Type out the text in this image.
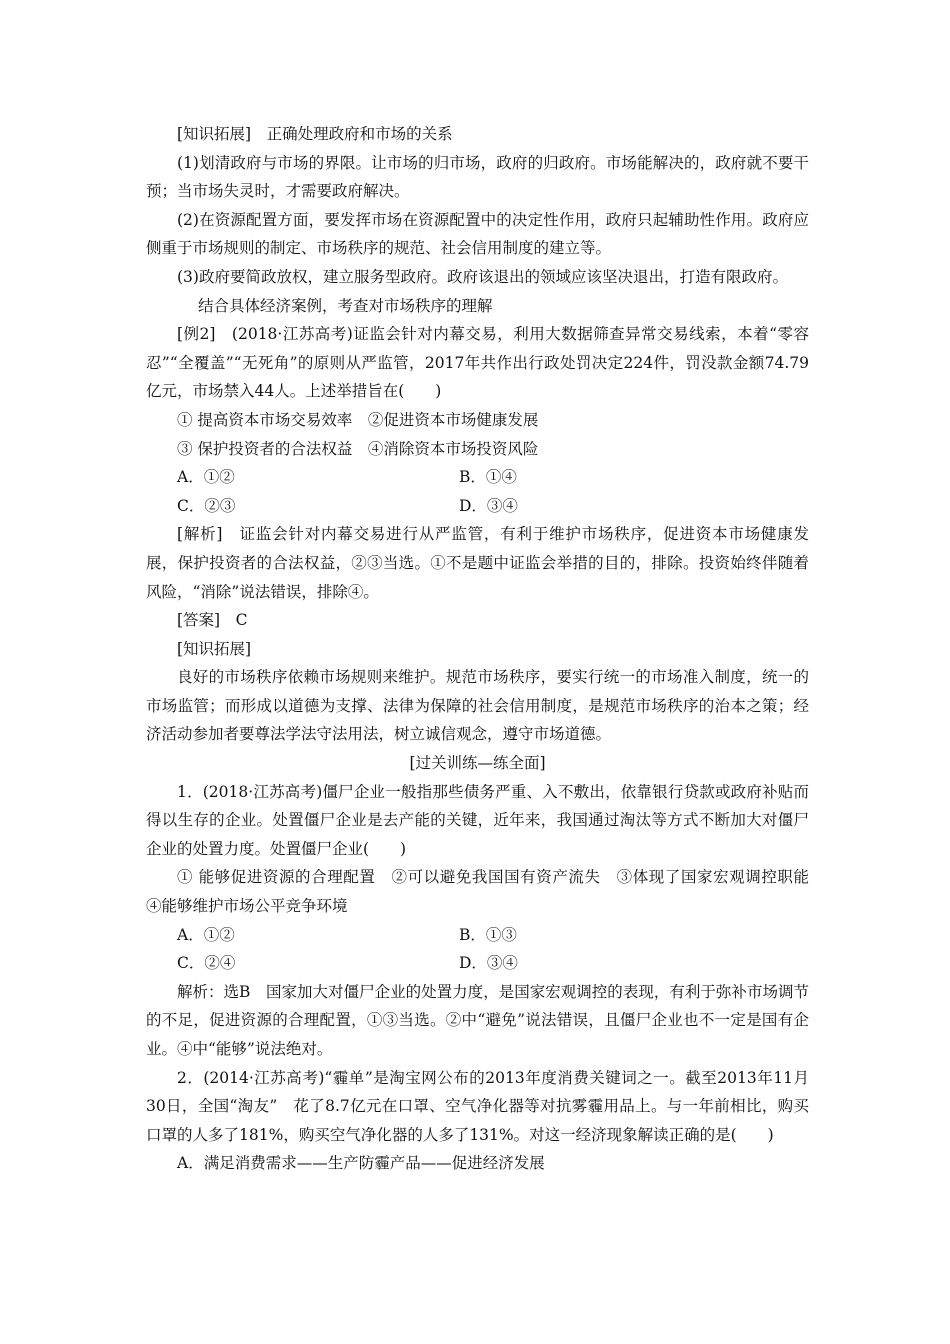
[知识拓展]　正确处理政府和市场的关系

(1)划清政府与市场的界限。让市场的归市场，政府的归政府。市场能解决的，政府就不要干预；当市场失灵时，才需要政府解决。

(2)在资源配置方面，要发挥市场在资源配置中的决定性作用，政府只起辅助性作用。政府应侧重于市场规则的制定、市场秩序的规范、社会信用制度的建立等。

(3)政府要简政放权，建立服务型政府。政府该退出的领域应该坚决退出，打造有限政府。

结合具体经济案例，考查对市场秩序的理解

[例2]　(2018·江苏高考)证监会针对内幕交易，利用大数据筛查异常交易线索，本着“零容忍”“全覆盖”“无死角”的原则从严监管，2017年共作出行政处罚决定224件，罚没款金额74.79亿元，市场禁入44人。上述举措旨在(　　)

① 提高资本市场交易效率　②促进资本市场健康发展

③ 保护投资者的合法权益　④消除资本市场投资风险

A．①②	B．①④
C．②③	D．③④

[解析]　证监会针对内幕交易进行从严监管，有利于维护市场秩序，促进资本市场健康发展，保护投资者的合法权益，②③当选。①不是题中证监会举措的目的，排除。投资始终伴随着风险，“消除”说法错误，排除④。

[答案]　C

[知识拓展]

良好的市场秩序依赖市场规则来维护。规范市场秩序，要实行统一的市场准入制度，统一的市场监管；而形成以道德为支撑、法律为保障的社会信用制度，是规范市场秩序的治本之策；经济活动参加者要尊法学法守法用法，树立诚信观念，遵守市场道德。

[过关训练—练全面]

1．(2018·江苏高考)僵尸企业一般指那些债务严重、入不敷出，依靠银行贷款或政府补贴而得以生存的企业。处置僵尸企业是去产能的关键，近年来，我国通过淘汰等方式不断加大对僵尸企业的处置力度。处置僵尸企业(　　)

① 能够促进资源的合理配置　②可以避免我国国有资产流失　③体现了国家宏观调控职能　④能够维护市场公平竞争环境

A．①②	B．①③
C．②④	D．③④

解析：选B　国家加大对僵尸企业的处置力度，是国家宏观调控的表现，有利于弥补市场调节的不足，促进资源的合理配置，①③当选。②中“避免”说法错误，且僵尸企业也不一定是国有企业。④中“能够”说法绝对。

2．(2014·江苏高考)“霾单”是淘宝网公布的2013年度消费关键词之一。截至2013年11月30日，全国“淘友”　花了8.7亿元在口罩、空气净化器等对抗雾霾用品上。与一年前相比，购买口罩的人多了181%，购买空气净化器的人多了131%。对这一经济现象解读正确的是(　　)

A．满足消费需求——生产防霾产品——促进经济发展
